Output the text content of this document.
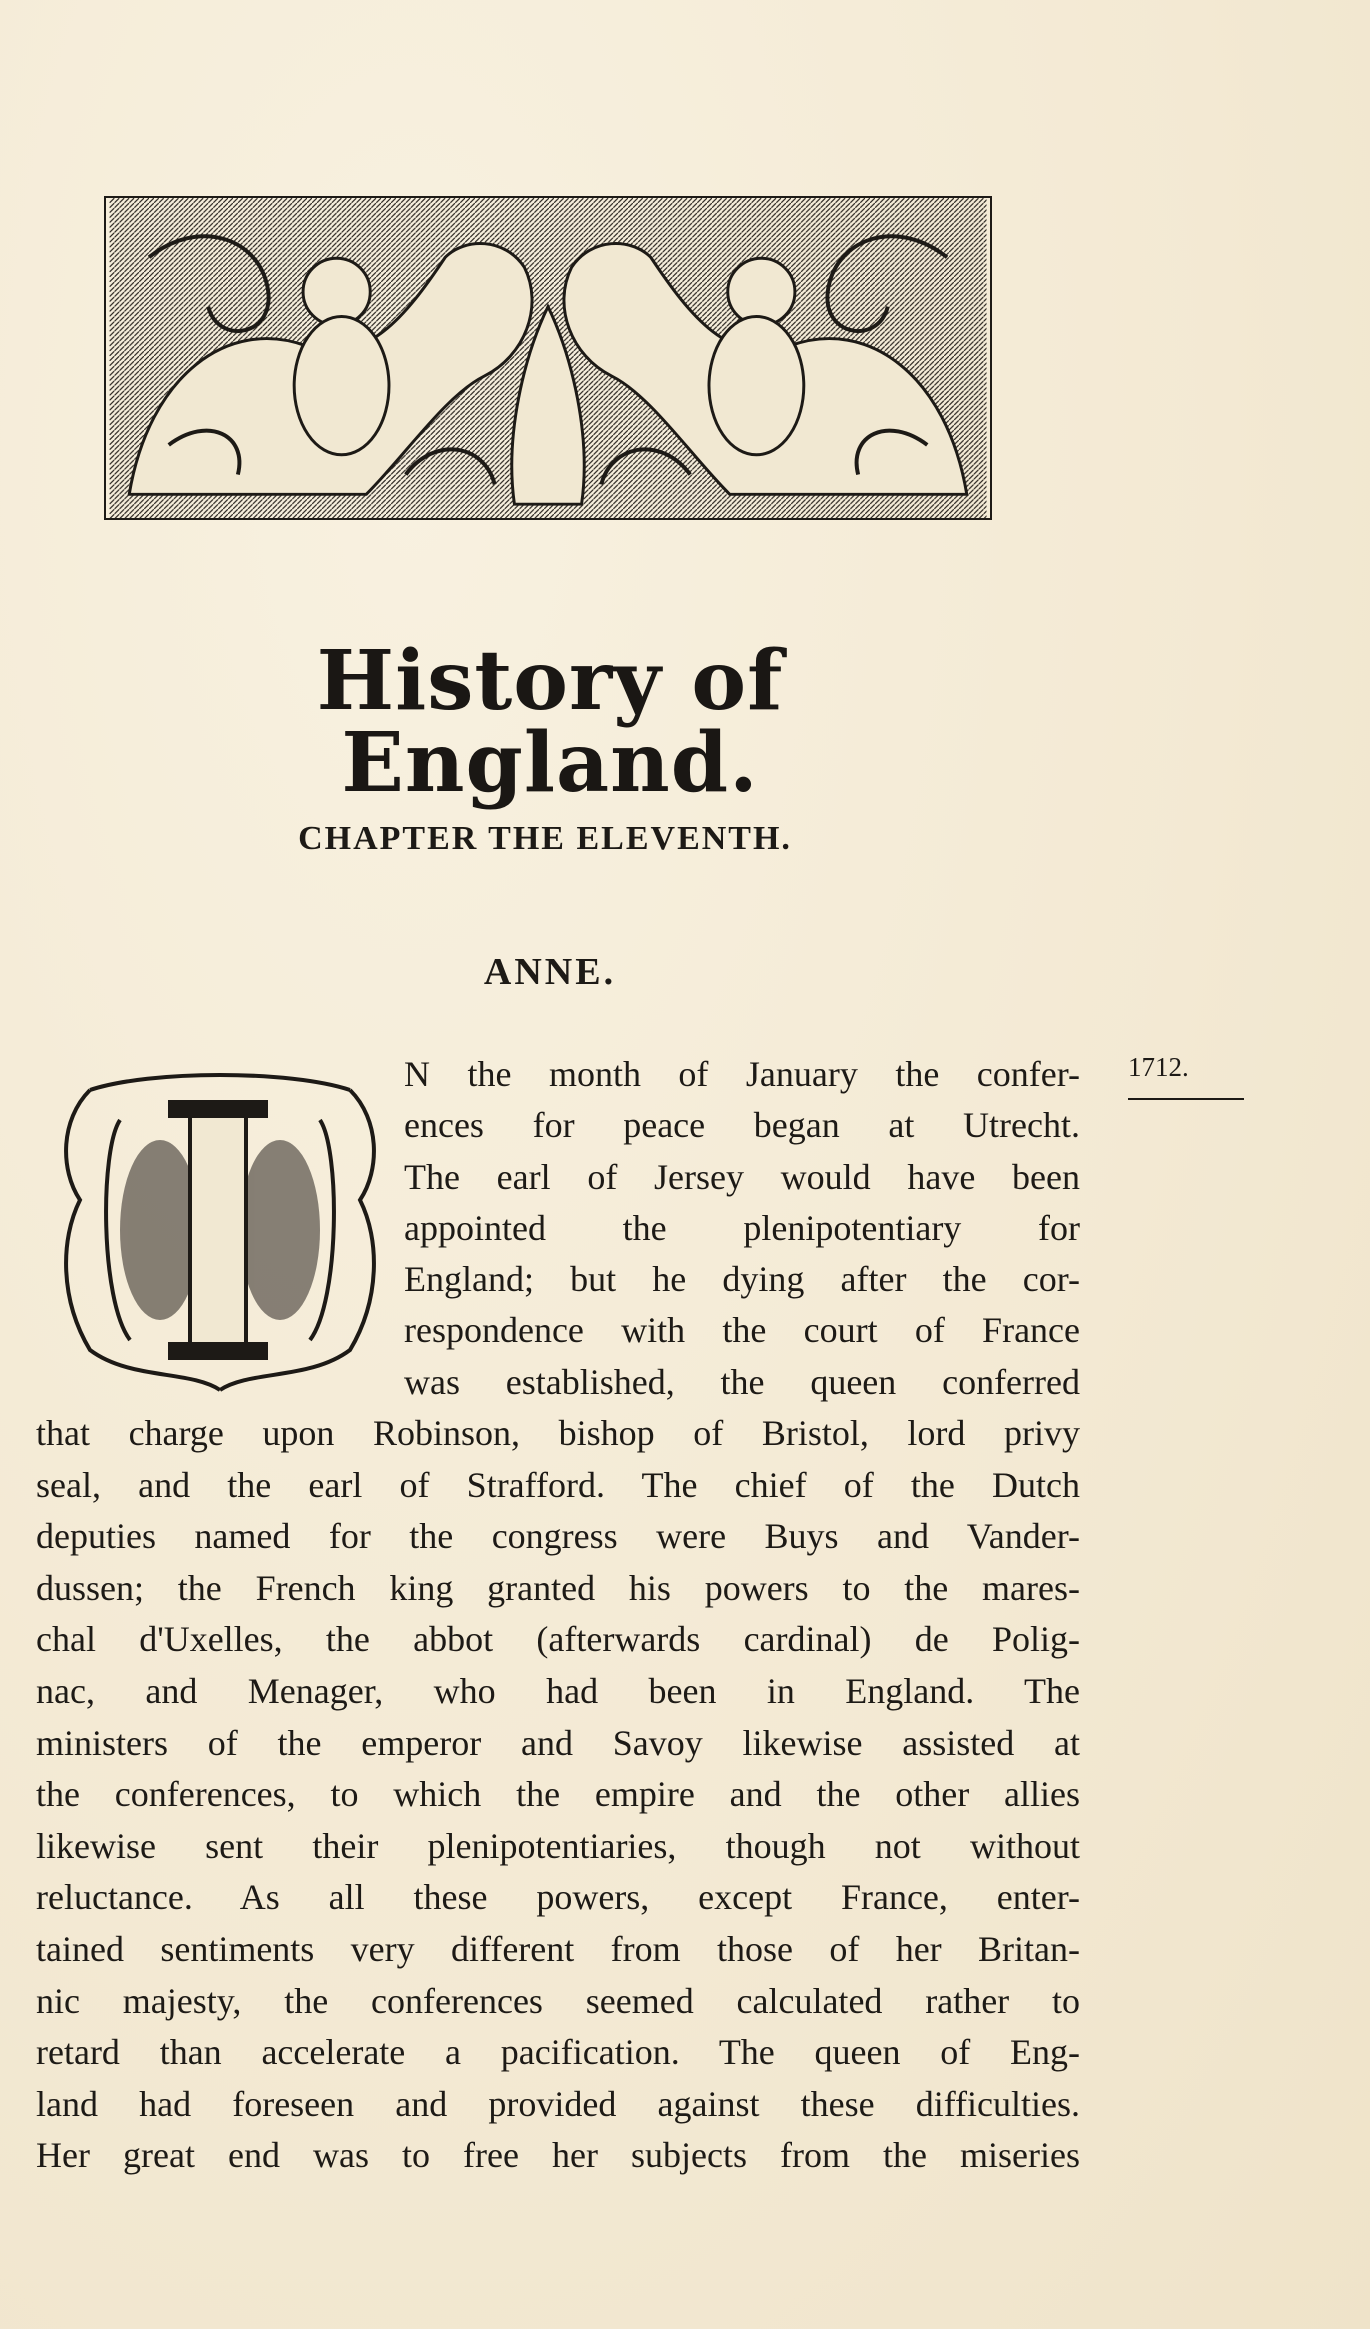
History of England.
CHAPTER THE ELEVENTH.
ANNE.

1712.

N the month of January the confer-
ences for peace began at Utrecht.
The earl of Jersey would have been
appointed the plenipotentiary for
England; but he dying after the cor-
respondence with the court of France
was established, the queen conferred

that charge upon Robinson, bishop of Bristol, lord privy
seal, and the earl of Strafford. The chief of the Dutch
deputies named for the congress were Buys and Vander-
dussen; the French king granted his powers to the mares-
chal d'Uxelles, the abbot (afterwards cardinal) de Polig-
nac, and Menager, who had been in England. The
ministers of the emperor and Savoy likewise assisted at
the conferences, to which the empire and the other allies
likewise sent their plenipotentiaries, though not without
reluctance. As all these powers, except France, enter-
tained sentiments very different from those of her Britan-
nic majesty, the conferences seemed calculated rather to
retard than accelerate a pacification. The queen of Eng-
land had foreseen and provided against these difficulties.
Her great end was to free her subjects from the miseries
